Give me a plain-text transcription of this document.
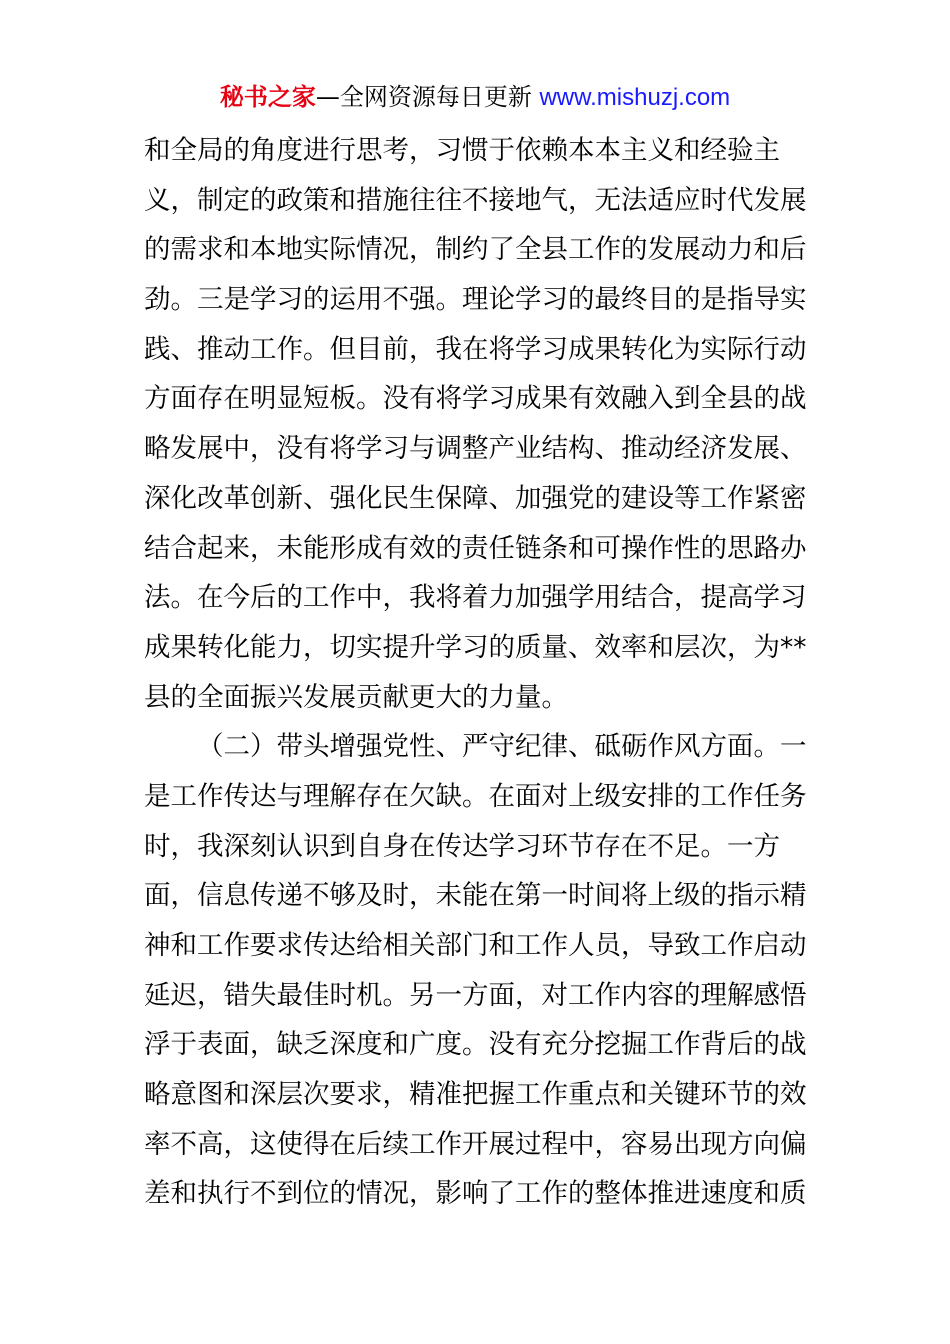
秘书之家—全网资源每日更新 www.mishuzj.com
和全局的角度进行思考，习惯于依赖本本主义和经验主
义，制定的政策和措施往往不接地气，无法适应时代发展
的需求和本地实际情况，制约了全县工作的发展动力和后
劲。三是学习的运用不强。理论学习的最终目的是指导实
践、推动工作。但目前，我在将学习成果转化为实际行动
方面存在明显短板。没有将学习成果有效融入到全县的战
略发展中，没有将学习与调整产业结构、推动经济发展、
深化改革创新、强化民生保障、加强党的建设等工作紧密
结合起来，未能形成有效的责任链条和可操作性的思路办
法。在今后的工作中，我将着力加强学用结合，提高学习
成果转化能力，切实提升学习的质量、效率和层次，为**
县的全面振兴发展贡献更大的力量。
（二）带头增强党性、严守纪律、砥砺作风方面。一
是工作传达与理解存在欠缺。在面对上级安排的工作任务
时，我深刻认识到自身在传达学习环节存在不足。一方
面，信息传递不够及时，未能在第一时间将上级的指示精
神和工作要求传达给相关部门和工作人员，导致工作启动
延迟，错失最佳时机。另一方面，对工作内容的理解感悟
浮于表面，缺乏深度和广度。没有充分挖掘工作背后的战
略意图和深层次要求，精准把握工作重点和关键环节的效
率不高，这使得在后续工作开展过程中，容易出现方向偏
差和执行不到位的情况，影响了工作的整体推进速度和质
